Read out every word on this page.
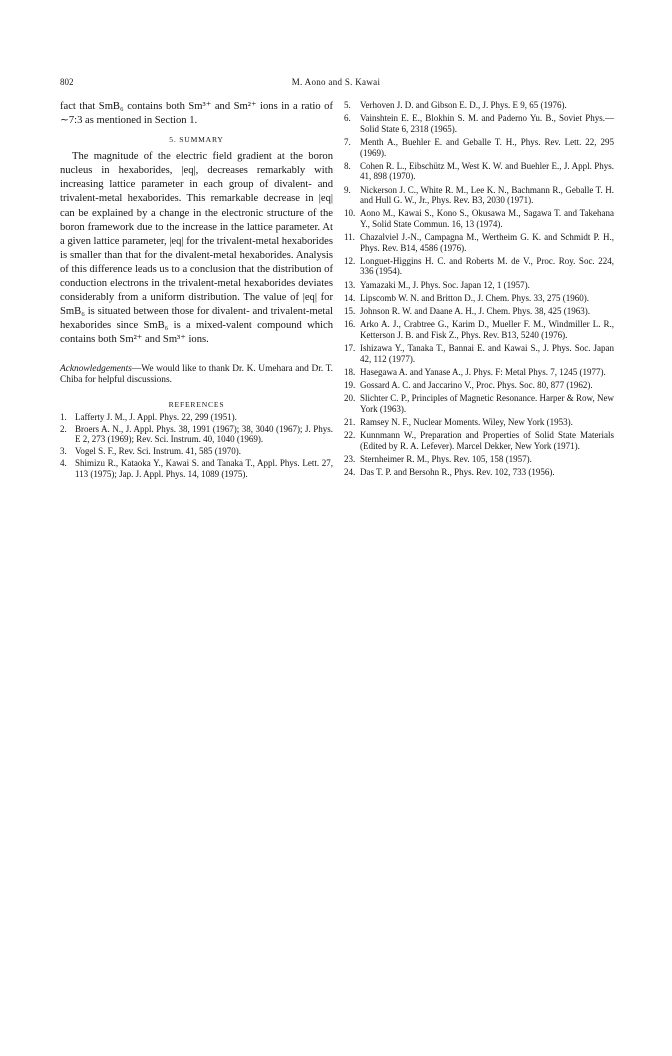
802	M. Aono and S. Kawai

fact that SmB₆ contains both Sm³⁺ and Sm²⁺ ions in a ratio of ∼7:3 as mentioned in Section 1.

5. SUMMARY

The magnitude of the electric field gradient at the boron nucleus in hexaborides, |eq|, decreases remarkably with increasing lattice parameter in each group of divalent- and trivalent-metal hexaborides. This remarkable decrease in |eq| can be explained by a change in the electronic structure of the boron framework due to the increase in the lattice parameter. At a given lattice parameter, |eq| for the trivalent-metal hexaborides is smaller than that for the divalent-metal hexaborides. Analysis of this difference leads us to a conclusion that the distribution of conduction electrons in the trivalent-metal hexaborides deviates considerably from a uniform distribution. The value of |eq| for SmB₆ is situated between those for divalent- and trivalent-metal hexaborides since SmB₆ is a mixed-valent compound which contains both Sm²⁺ and Sm³⁺ ions.

Acknowledgements—We would like to thank Dr. K. Umehara and Dr. T. Chiba for helpful discussions.

REFERENCES
1. Lafferty J. M., J. Appl. Phys. 22, 299 (1951).
2. Broers A. N., J. Appl. Phys. 38, 1991 (1967); 38, 3040 (1967); J. Phys. E 2, 273 (1969); Rev. Sci. Instrum. 40, 1040 (1969).
3. Vogel S. F., Rev. Sci. Instrum. 41, 585 (1970).
4. Shimizu R., Kataoka Y., Kawai S. and Tanaka T., Appl. Phys. Lett. 27, 113 (1975); Jap. J. Appl. Phys. 14, 1089 (1975).
5. Verhoven J. D. and Gibson E. D., J. Phys. E 9, 65 (1976).
6. Vainshtein E. E., Blokhin S. M. and Paderno Yu. B., Soviet Phys.—Solid State 6, 2318 (1965).
7. Menth A., Buehler E. and Geballe T. H., Phys. Rev. Lett. 22, 295 (1969).
8. Cohen R. L., Eibschütz M., West K. W. and Buehler E., J. Appl. Phys. 41, 898 (1970).
9. Nickerson J. C., White R. M., Lee K. N., Bachmann R., Geballe T. H. and Hull G. W., Jr., Phys. Rev. B3, 2030 (1971).
10. Aono M., Kawai S., Kono S., Okusawa M., Sagawa T. and Takehana Y., Solid State Commun. 16, 13 (1974).
11. Chazalviel J.-N., Campagna M., Wertheim G. K. and Schmidt P. H., Phys. Rev. B14, 4586 (1976).
12. Longuet-Higgins H. C. and Roberts M. de V., Proc. Roy. Soc. 224, 336 (1954).
13. Yamazaki M., J. Phys. Soc. Japan 12, 1 (1957).
14. Lipscomb W. N. and Britton D., J. Chem. Phys. 33, 275 (1960).
15. Johnson R. W. and Daane A. H., J. Chem. Phys. 38, 425 (1963).
16. Arko A. J., Crabtree G., Karim D., Mueller F. M., Windmiller L. R., Ketterson J. B. and Fisk Z., Phys. Rev. B13, 5240 (1976).
17. Ishizawa Y., Tanaka T., Bannai E. and Kawai S., J. Phys. Soc. Japan 42, 112 (1977).
18. Hasegawa A. and Yanase A., J. Phys. F: Metal Phys. 7, 1245 (1977).
19. Gossard A. C. and Jaccarino V., Proc. Phys. Soc. 80, 877 (1962).
20. Slichter C. P., Principles of Magnetic Resonance. Harper & Row, New York (1963).
21. Ramsey N. F., Nuclear Moments. Wiley, New York (1953).
22. Kunnmann W., Preparation and Properties of Solid State Materials (Edited by R. A. Lefever). Marcel Dekker, New York (1971).
23. Sternheimer R. M., Phys. Rev. 105, 158 (1957).
24. Das T. P. and Bersohn R., Phys. Rev. 102, 733 (1956).
